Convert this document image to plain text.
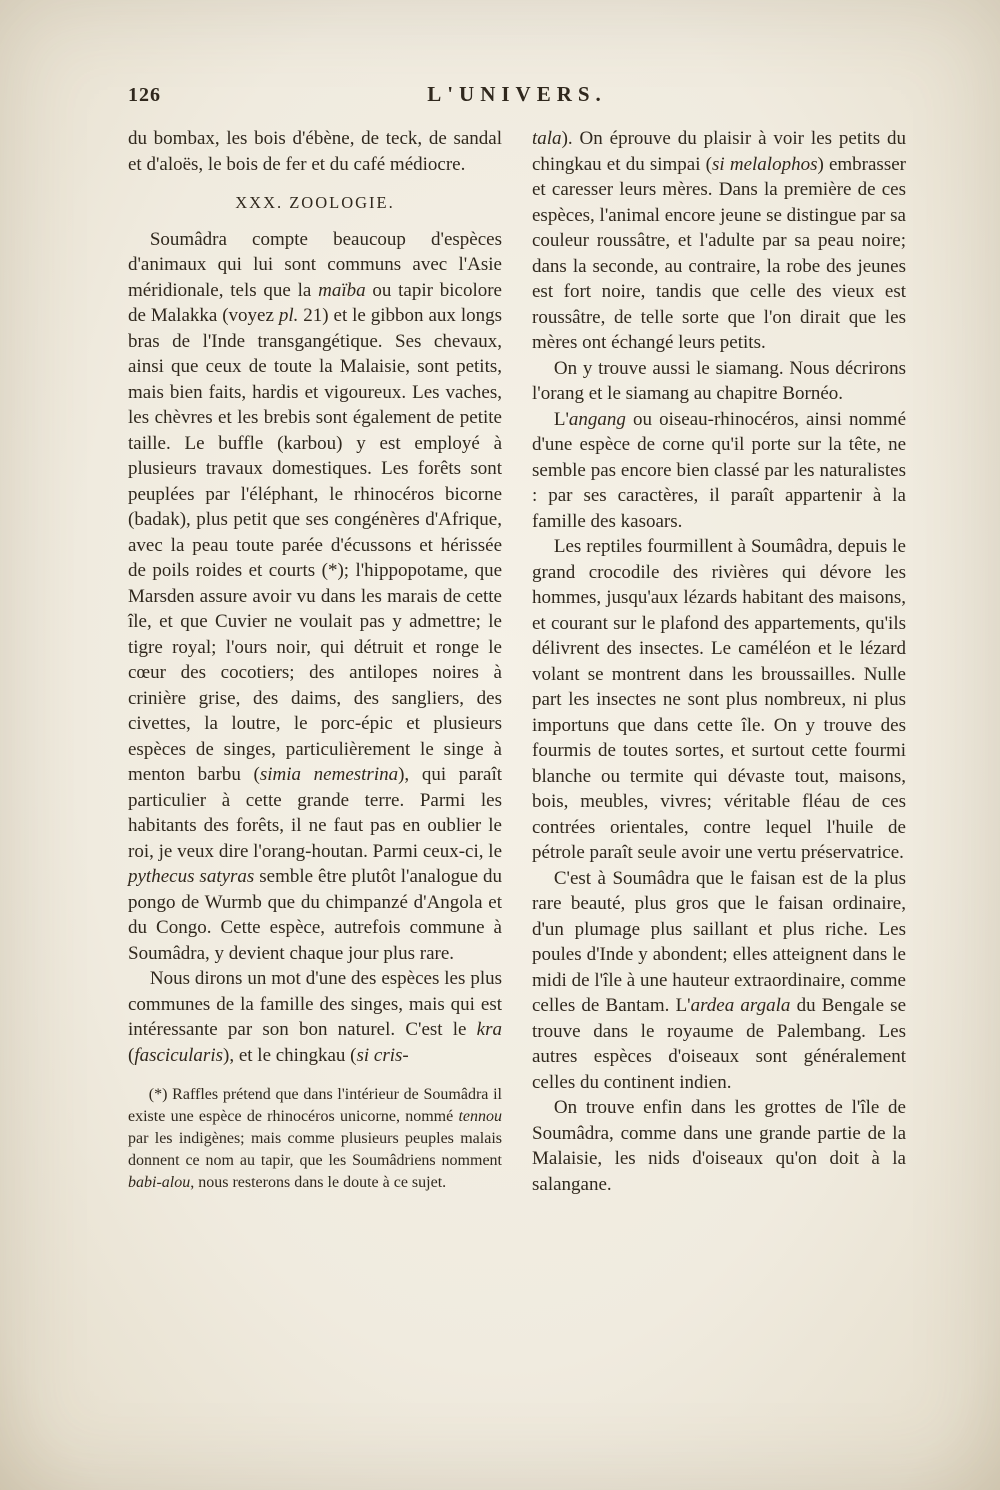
126	L'UNIVERS.

du bombax, les bois d'ébène, de teck, de sandal et d'aloës, le bois de fer et du café médiocre.

XXX. ZOOLOGIE.

Soumâdra compte beaucoup d'espèces d'animaux qui lui sont communs avec l'Asie méridionale, tels que la maïba ou tapir bicolore de Malakka (voyez pl. 21) et le gibbon aux longs bras de l'Inde transgangétique. Ses chevaux, ainsi que ceux de toute la Malaisie, sont petits, mais bien faits, hardis et vigoureux. Les vaches, les chèvres et les brebis sont également de petite taille. Le buffle (karbou) y est employé à plusieurs travaux domestiques. Les forêts sont peuplées par l'éléphant, le rhinocéros bicorne (badak), plus petit que ses congénères d'Afrique, avec la peau toute parée d'écussons et hérissée de poils roides et courts (*); l'hippopotame, que Marsden assure avoir vu dans les marais de cette île, et que Cuvier ne voulait pas y admettre; le tigre royal; l'ours noir, qui détruit et ronge le cœur des cocotiers; des antilopes noires à crinière grise, des daims, des sangliers, des civettes, la loutre, le porc-épic et plusieurs espèces de singes, particulièrement le singe à menton barbu (simia nemestrina), qui paraît particulier à cette grande terre. Parmi les habitants des forêts, il ne faut pas en oublier le roi, je veux dire l'orang-houtan. Parmi ceux-ci, le pythecus satyras semble être plutôt l'analogue du pongo de Wurmb que du chimpanzé d'Angola et du Congo. Cette espèce, autrefois commune à Soumâdra, y devient chaque jour plus rare.

Nous dirons un mot d'une des espèces les plus communes de la famille des singes, mais qui est intéressante par son bon naturel. C'est le kra (fascicularis), et le chingkau (si cris-

(*) Raffles prétend que dans l'intérieur de Soumâdra il existe une espèce de rhinocéros unicorne, nommé tennou par les indigènes; mais comme plusieurs peuples malais donnent ce nom au tapir, que les Soumâdriens nomment babi-alou, nous resterons dans le doute à ce sujet.

tala). On éprouve du plaisir à voir les petits du chingkau et du simpai (si melalophos) embrasser et caresser leurs mères. Dans la première de ces espèces, l'animal encore jeune se distingue par sa couleur roussâtre, et l'adulte par sa peau noire; dans la seconde, au contraire, la robe des jeunes est fort noire, tandis que celle des vieux est roussâtre, de telle sorte que l'on dirait que les mères ont échangé leurs petits.

On y trouve aussi le siamang. Nous décrirons l'orang et le siamang au chapitre Bornéo.

L'angang ou oiseau-rhinocéros, ainsi nommé d'une espèce de corne qu'il porte sur la tête, ne semble pas encore bien classé par les naturalistes : par ses caractères, il paraît appartenir à la famille des kasoars.

Les reptiles fourmillent à Soumâdra, depuis le grand crocodile des rivières qui dévore les hommes, jusqu'aux lézards habitant des maisons, et courant sur le plafond des appartements, qu'ils délivrent des insectes. Le caméléon et le lézard volant se montrent dans les broussailles. Nulle part les insectes ne sont plus nombreux, ni plus importuns que dans cette île. On y trouve des fourmis de toutes sortes, et surtout cette fourmi blanche ou termite qui dévaste tout, maisons, bois, meubles, vivres; véritable fléau de ces contrées orientales, contre lequel l'huile de pétrole paraît seule avoir une vertu préservatrice.

C'est à Soumâdra que le faisan est de la plus rare beauté, plus gros que le faisan ordinaire, d'un plumage plus saillant et plus riche. Les poules d'Inde y abondent; elles atteignent dans le midi de l'île à une hauteur extraordinaire, comme celles de Bantam. L'ardea argala du Bengale se trouve dans le royaume de Palembang. Les autres espèces d'oiseaux sont généralement celles du continent indien.

On trouve enfin dans les grottes de l'île de Soumâdra, comme dans une grande partie de la Malaisie, les nids d'oiseaux qu'on doit à la salangane.
